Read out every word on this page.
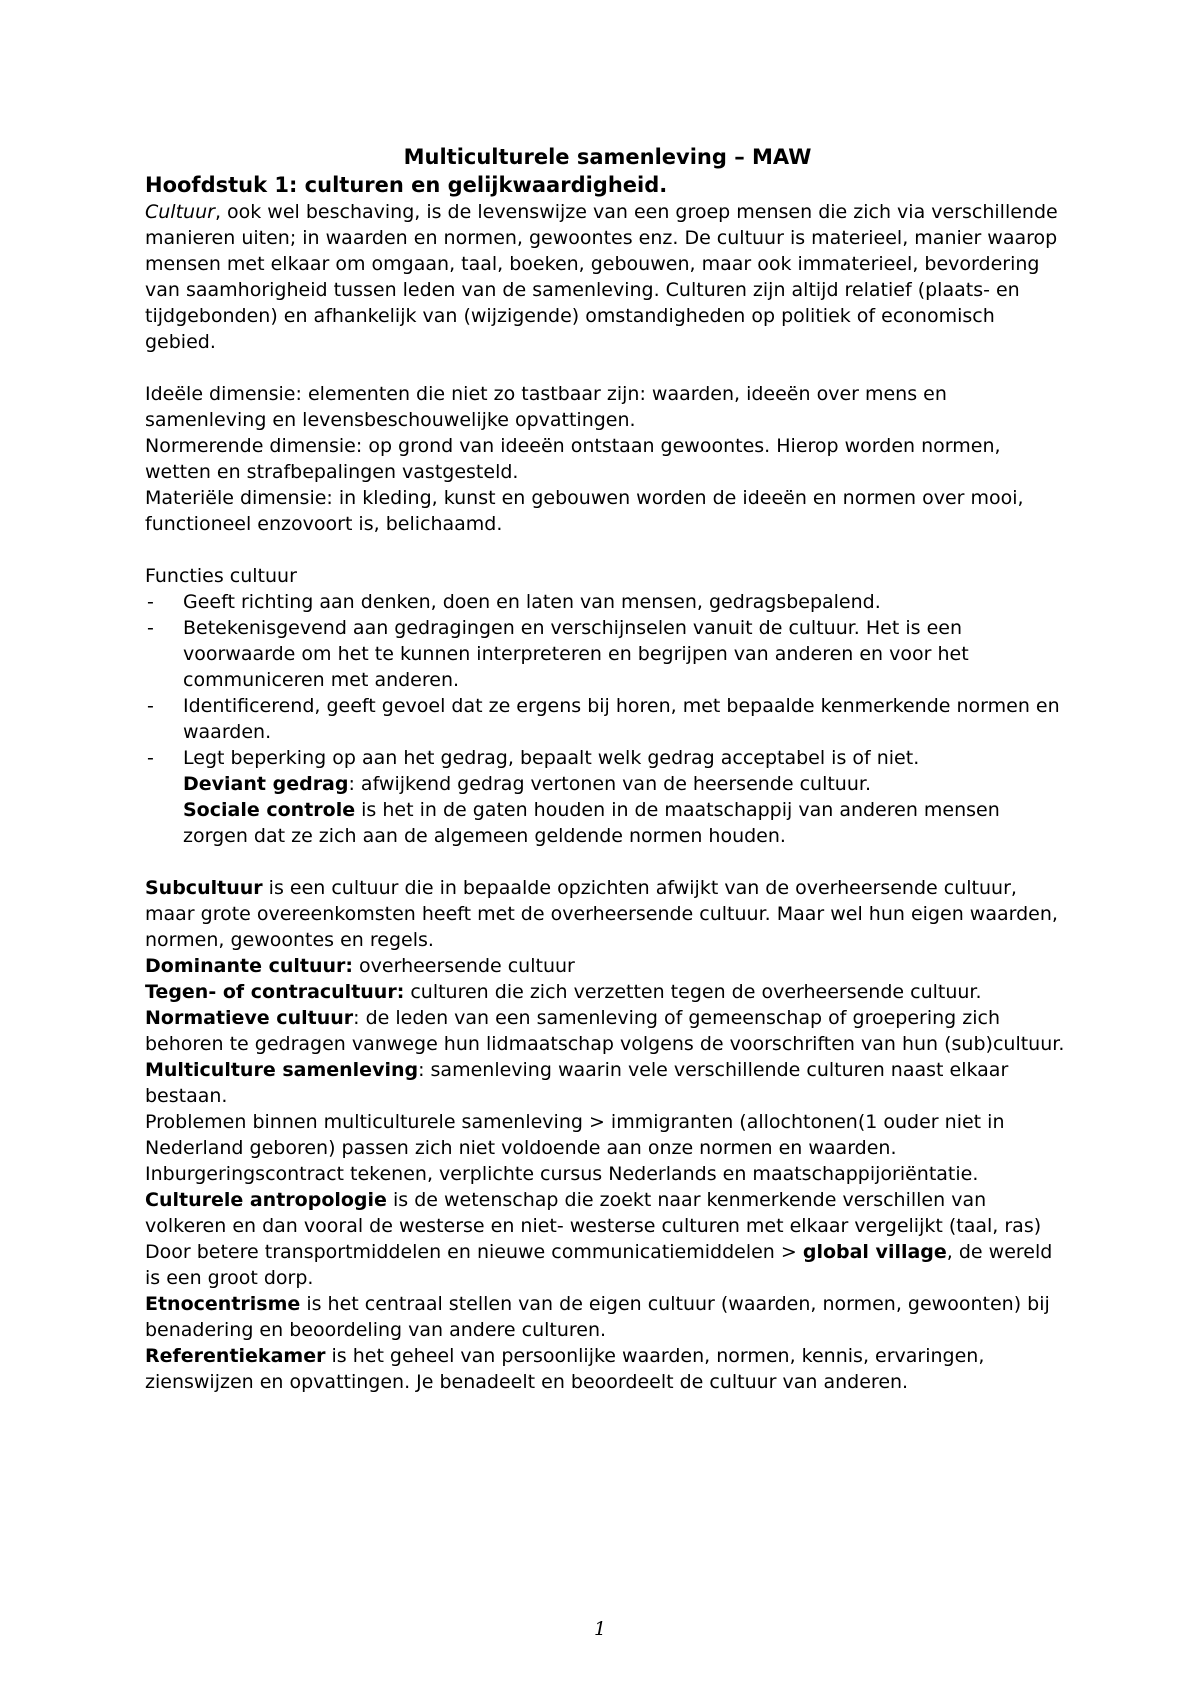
Multiculturele samenleving – MAW
Hoofdstuk 1: culturen en gelijkwaardigheid.

Cultuur, ook wel beschaving, is de levenswijze van een groep mensen die zich via verschillende manieren uiten; in waarden en normen, gewoontes enz. De cultuur is materieel, manier waarop mensen met elkaar om omgaan, taal, boeken, gebouwen, maar ook immaterieel, bevordering van saamhorigheid tussen leden van de samenleving. Culturen zijn altijd relatief (plaats- en tijdgebonden) en afhankelijk van (wijzigende) omstandigheden op politiek of economisch gebied.

Ideële dimensie: elementen die niet zo tastbaar zijn: waarden, ideeën over mens en samenleving en levensbeschouwelijke opvattingen.

Normerende dimensie: op grond van ideeën ontstaan gewoontes. Hierop worden normen, wetten en strafbepalingen vastgesteld.

Materiële dimensie: in kleding, kunst en gebouwen worden de ideeën en normen over mooi, functioneel enzovoort is, belichaamd.

Functies cultuur

- Geeft richting aan denken, doen en laten van mensen, gedragsbepalend.
- Betekenisgevend aan gedragingen en verschijnselen vanuit de cultuur. Het is een voorwaarde om het te kunnen interpreteren en begrijpen van anderen en voor het communiceren met anderen.
- Identificerend, geeft gevoel dat ze ergens bij horen, met bepaalde kenmerkende normen en waarden.
- Legt beperking op aan het gedrag, bepaalt welk gedrag acceptabel is of niet.
Deviant gedrag: afwijkend gedrag vertonen van de heersende cultuur.
Sociale controle is het in de gaten houden in de maatschappij van anderen mensen zorgen dat ze zich aan de algemeen geldende normen houden.

Subcultuur is een cultuur die in bepaalde opzichten afwijkt van de overheersende cultuur, maar grote overeenkomsten heeft met de overheersende cultuur. Maar wel hun eigen waarden, normen, gewoontes en regels.

Dominante cultuur: overheersende cultuur

Tegen- of contracultuur: culturen die zich verzetten tegen de overheersende cultuur.

Normatieve cultuur: de leden van een samenleving of gemeenschap of groepering zich behoren te gedragen vanwege hun lidmaatschap volgens de voorschriften van hun (sub)cultuur.

Multiculture samenleving: samenleving waarin vele verschillende culturen naast elkaar bestaan.

Problemen binnen multiculturele samenleving > immigranten (allochtonen(1 ouder niet in Nederland geboren) passen zich niet voldoende aan onze normen en waarden. Inburgeringscontract tekenen, verplichte cursus Nederlands en maatschappijoriëntatie.

Culturele antropologie is de wetenschap die zoekt naar kenmerkende verschillen van volkeren en dan vooral de westerse en niet- westerse culturen met elkaar vergelijkt (taal, ras)

Door betere transportmiddelen en nieuwe communicatiemiddelen > global village, de wereld is een groot dorp.

Etnocentrisme is het centraal stellen van de eigen cultuur (waarden, normen, gewoonten) bij benadering en beoordeling van andere culturen.

Referentiekamer is het geheel van persoonlijke waarden, normen, kennis, ervaringen, zienswijzen en opvattingen. Je benadeelt en beoordeelt de cultuur van anderen.

1
